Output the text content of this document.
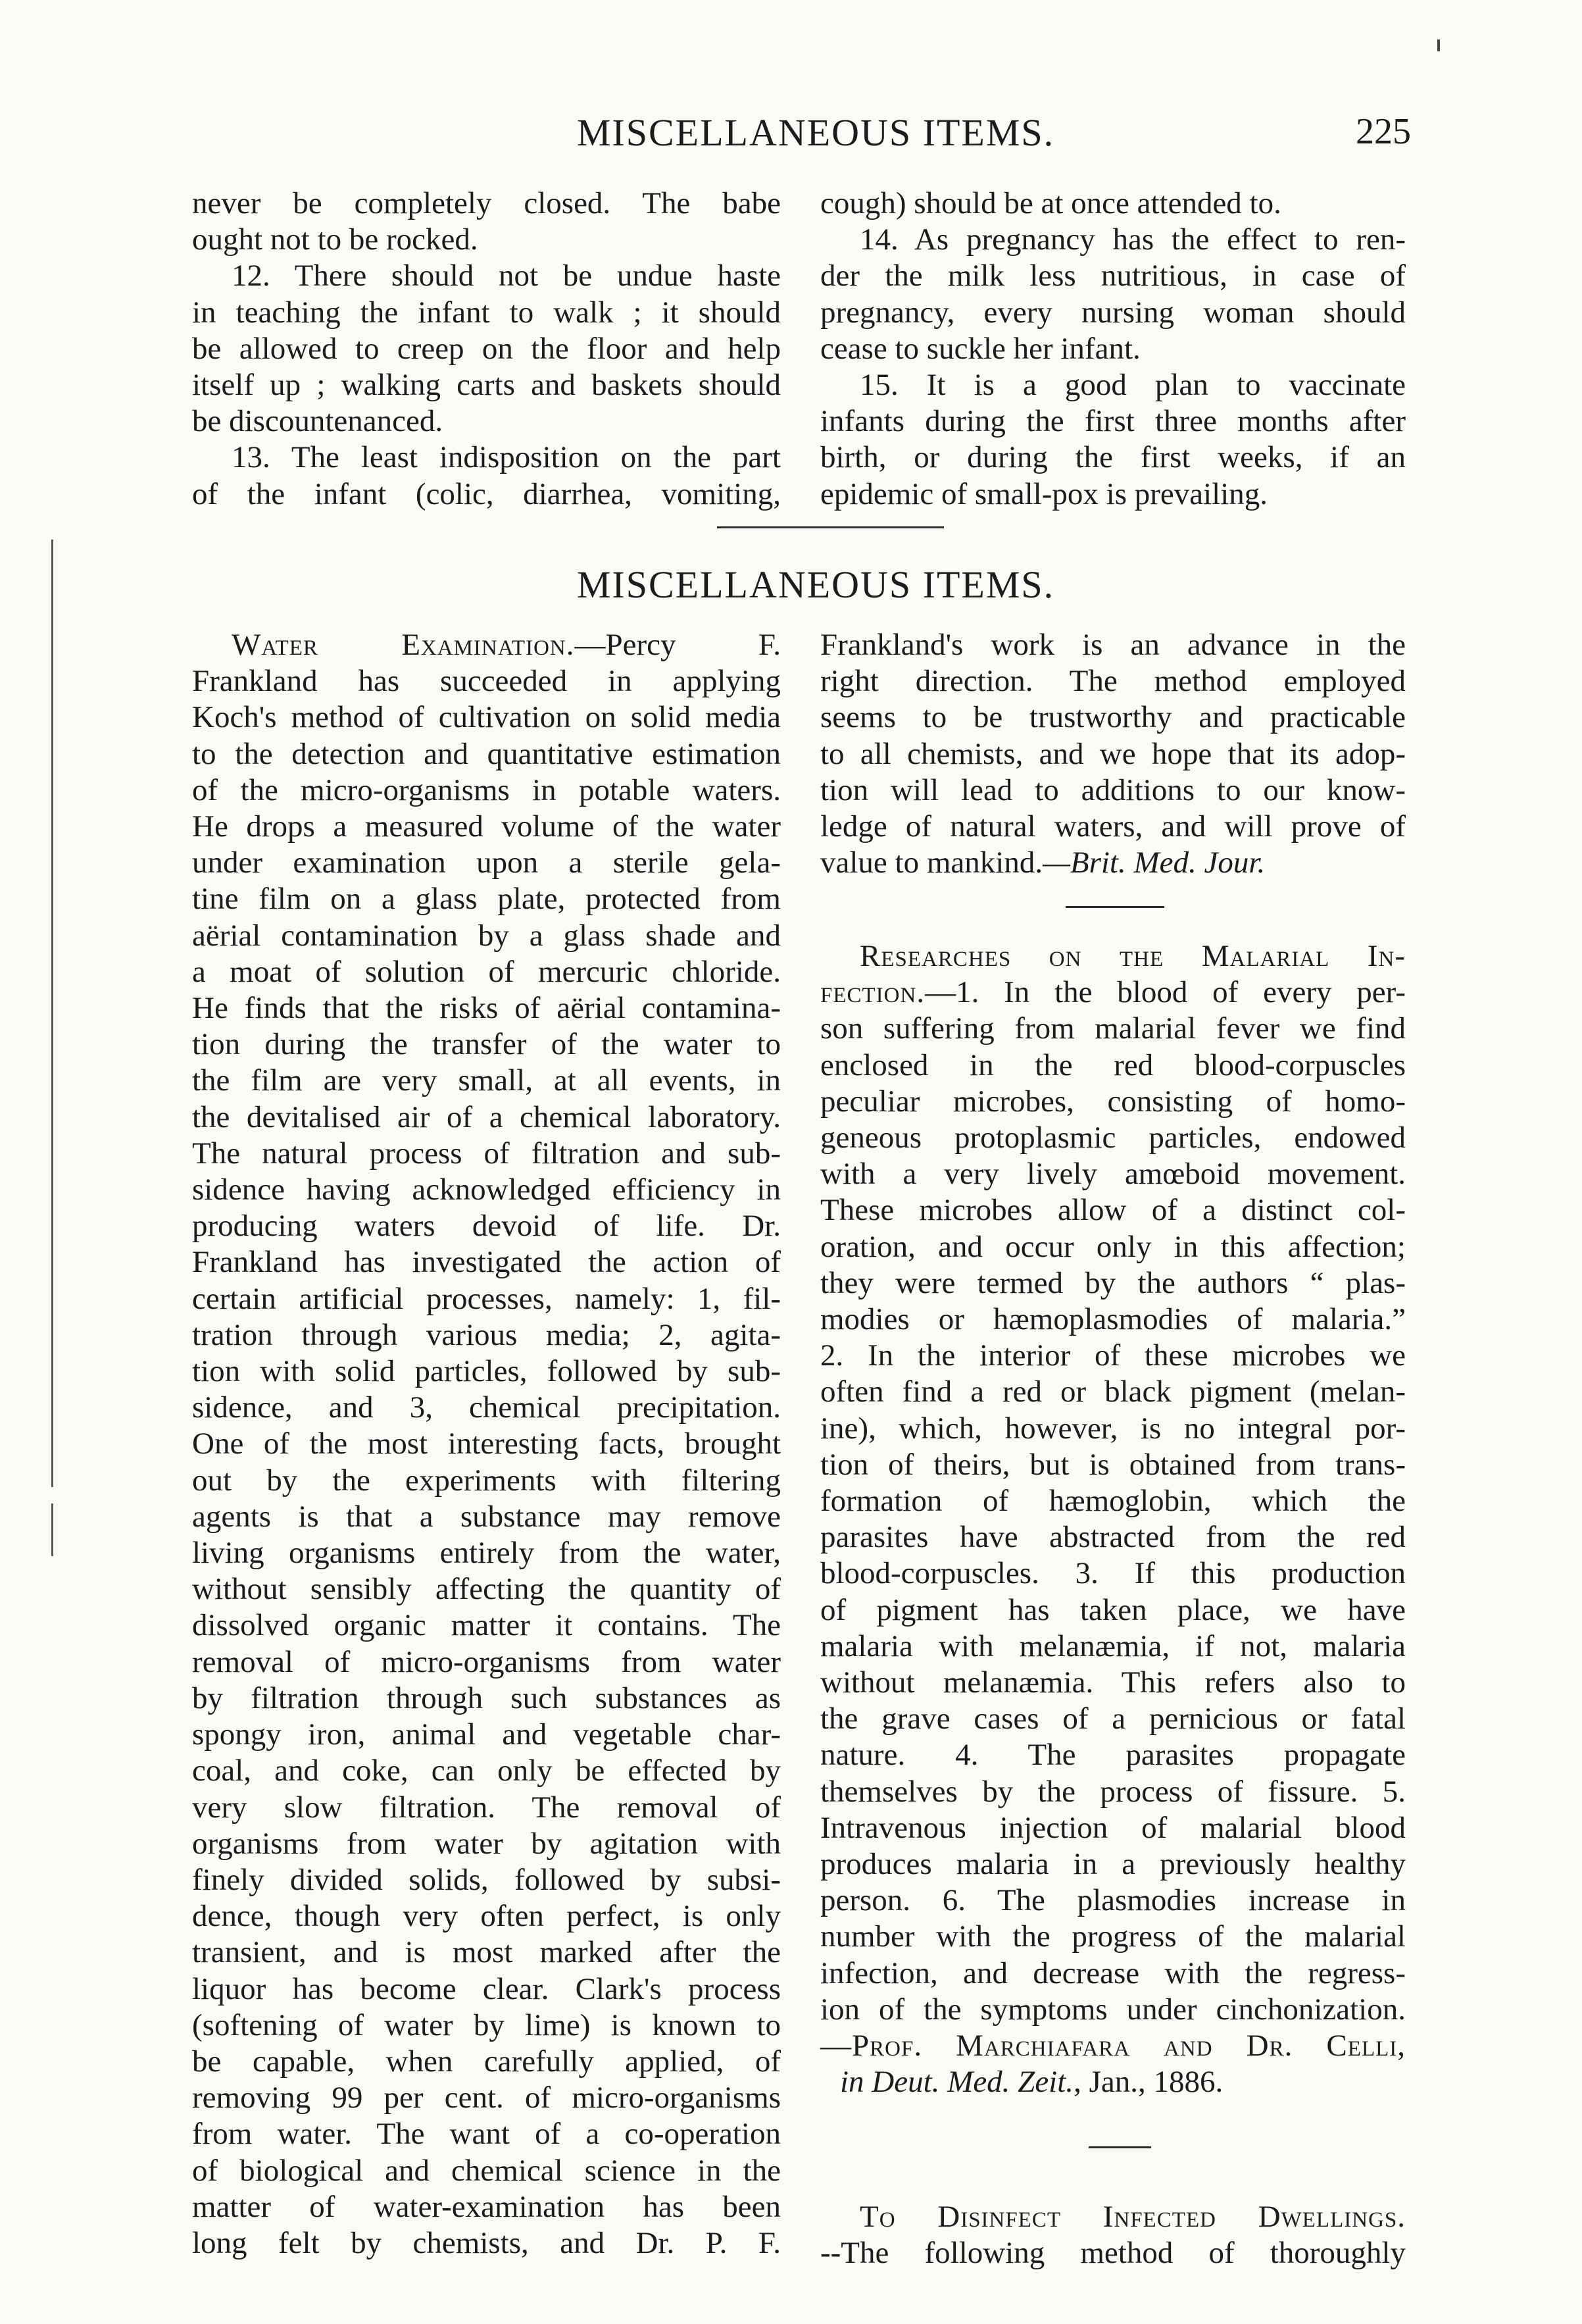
MISCELLANEOUS ITEMS.	225
never be completely closed. The babe
ought not to be rocked.
12. There should not be undue haste
in teaching the infant to walk ; it should
be allowed to creep on the floor and help
itself up ; walking carts and baskets should
be discountenanced.
13. The least indisposition on the part
of the infant (colic, diarrhea, vomiting,
cough) should be at once attended to.
14. As pregnancy has the effect to ren-
der the milk less nutritious, in case of
pregnancy, every nursing woman should
cease to suckle her infant.
15. It is a good plan to vaccinate
infants during the first three months after
birth, or during the first weeks, if an
epidemic of small-pox is prevailing.
MISCELLANEOUS ITEMS.
Water Examination.—Percy F.
Frankland has succeeded in applying
Koch's method of cultivation on solid media
to the detection and quantitative estimation
of the micro-organisms in potable waters.
He drops a measured volume of the water
under examination upon a sterile gela-
tine film on a glass plate, protected from
aërial contamination by a glass shade and
a moat of solution of mercuric chloride.
He finds that the risks of aërial contamina-
tion during the transfer of the water to
the film are very small, at all events, in
the devitalised air of a chemical laboratory.
The natural process of filtration and sub-
sidence having acknowledged efficiency in
producing waters devoid of life. Dr.
Frankland has investigated the action of
certain artificial processes, namely: 1, fil-
tration through various media; 2, agita-
tion with solid particles, followed by sub-
sidence, and 3, chemical precipitation.
One of the most interesting facts, brought
out by the experiments with filtering
agents is that a substance may remove
living organisms entirely from the water,
without sensibly affecting the quantity of
dissolved organic matter it contains. The
removal of micro-organisms from water
by filtration through such substances as
spongy iron, animal and vegetable char-
coal, and coke, can only be effected by
very slow filtration. The removal of
organisms from water by agitation with
finely divided solids, followed by subsi-
dence, though very often perfect, is only
transient, and is most marked after the
liquor has become clear. Clark's process
(softening of water by lime) is known to
be capable, when carefully applied, of
removing 99 per cent. of micro-organisms
from water. The want of a co-operation
of biological and chemical science in the
matter of water-examination has been
long felt by chemists, and Dr. P. F.
Frankland's work is an advance in the
right direction. The method employed
seems to be trustworthy and practicable
to all chemists, and we hope that its adop-
tion will lead to additions to our know-
ledge of natural waters, and will prove of
value to mankind.—Brit. Med. Jour.
Researches on the Malarial In-
fection.—1. In the blood of every per-
son suffering from malarial fever we find
enclosed in the red blood-corpuscles
peculiar microbes, consisting of homo-
geneous protoplasmic particles, endowed
with a very lively amœboid movement.
These microbes allow of a distinct col-
oration, and occur only in this affection;
they were termed by the authors “ plas-
modies or hæmoplasmodies of malaria.”
2. In the interior of these microbes we
often find a red or black pigment (melan-
ine), which, however, is no integral por-
tion of theirs, but is obtained from trans-
formation of hæmoglobin, which the
parasites have abstracted from the red
blood-corpuscles. 3. If this production
of pigment has taken place, we have
malaria with melanæmia, if not, malaria
without melanæmia. This refers also to
the grave cases of a pernicious or fatal
nature. 4. The parasites propagate
themselves by the process of fissure. 5.
Intravenous injection of malarial blood
produces malaria in a previously healthy
person. 6. The plasmodies increase in
number with the progress of the malarial
infection, and decrease with the regress-
ion of the symptoms under cinchonization.
—Prof. Marchiafara and Dr. Celli,
in Deut. Med. Zeit., Jan., 1886.
To Disinfect Infected Dwellings.
--The following method of thoroughly
